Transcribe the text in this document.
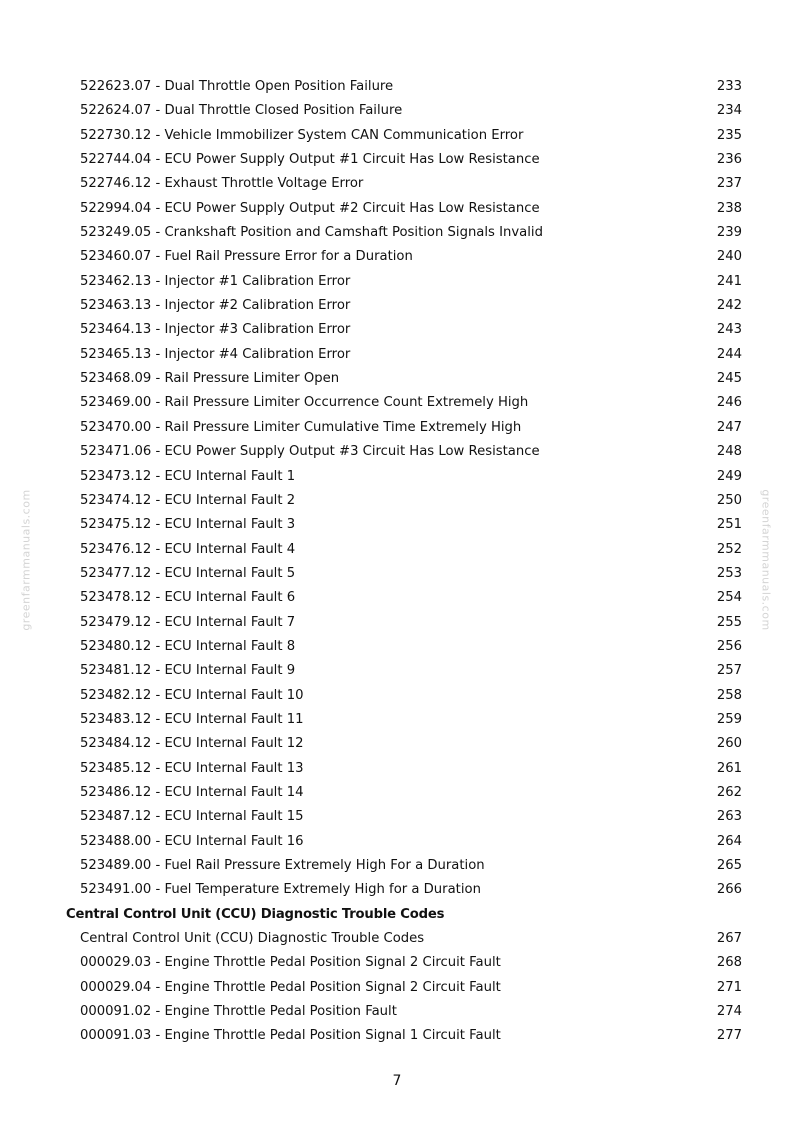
greenfarmmanuals.com	greenfarmmanuals.com
522623.07 - Dual Throttle Open Position Failure	233
522624.07 - Dual Throttle Closed Position Failure	234
522730.12 - Vehicle Immobilizer System CAN Communication Error	235
522744.04 - ECU Power Supply Output #1 Circuit Has Low Resistance	236
522746.12 - Exhaust Throttle Voltage Error	237
522994.04 - ECU Power Supply Output #2 Circuit Has Low Resistance	238
523249.05 - Crankshaft Position and Camshaft Position Signals Invalid	239
523460.07 - Fuel Rail Pressure Error for a Duration	240
523462.13 - Injector #1 Calibration Error	241
523463.13 - Injector #2 Calibration Error	242
523464.13 - Injector #3 Calibration Error	243
523465.13 - Injector #4 Calibration Error	244
523468.09 - Rail Pressure Limiter Open	245
523469.00 - Rail Pressure Limiter Occurrence Count Extremely High	246
523470.00 - Rail Pressure Limiter Cumulative Time Extremely High	247
523471.06 - ECU Power Supply Output #3 Circuit Has Low Resistance	248
523473.12 - ECU Internal Fault 1	249
523474.12 - ECU Internal Fault 2	250
523475.12 - ECU Internal Fault 3	251
523476.12 - ECU Internal Fault 4	252
523477.12 - ECU Internal Fault 5	253
523478.12 - ECU Internal Fault 6	254
523479.12 - ECU Internal Fault 7	255
523480.12 - ECU Internal Fault 8	256
523481.12 - ECU Internal Fault 9	257
523482.12 - ECU Internal Fault 10	258
523483.12 - ECU Internal Fault 11	259
523484.12 - ECU Internal Fault 12	260
523485.12 - ECU Internal Fault 13	261
523486.12 - ECU Internal Fault 14	262
523487.12 - ECU Internal Fault 15	263
523488.00 - ECU Internal Fault 16	264
523489.00 - Fuel Rail Pressure Extremely High For a Duration	265
523491.00 - Fuel Temperature Extremely High for a Duration	266
Central Control Unit (CCU) Diagnostic Trouble Codes
Central Control Unit (CCU) Diagnostic Trouble Codes	267
000029.03 - Engine Throttle Pedal Position Signal 2 Circuit Fault	268
000029.04 - Engine Throttle Pedal Position Signal 2 Circuit Fault	271
000091.02 - Engine Throttle Pedal Position Fault	274
000091.03 - Engine Throttle Pedal Position Signal 1 Circuit Fault	277
7
